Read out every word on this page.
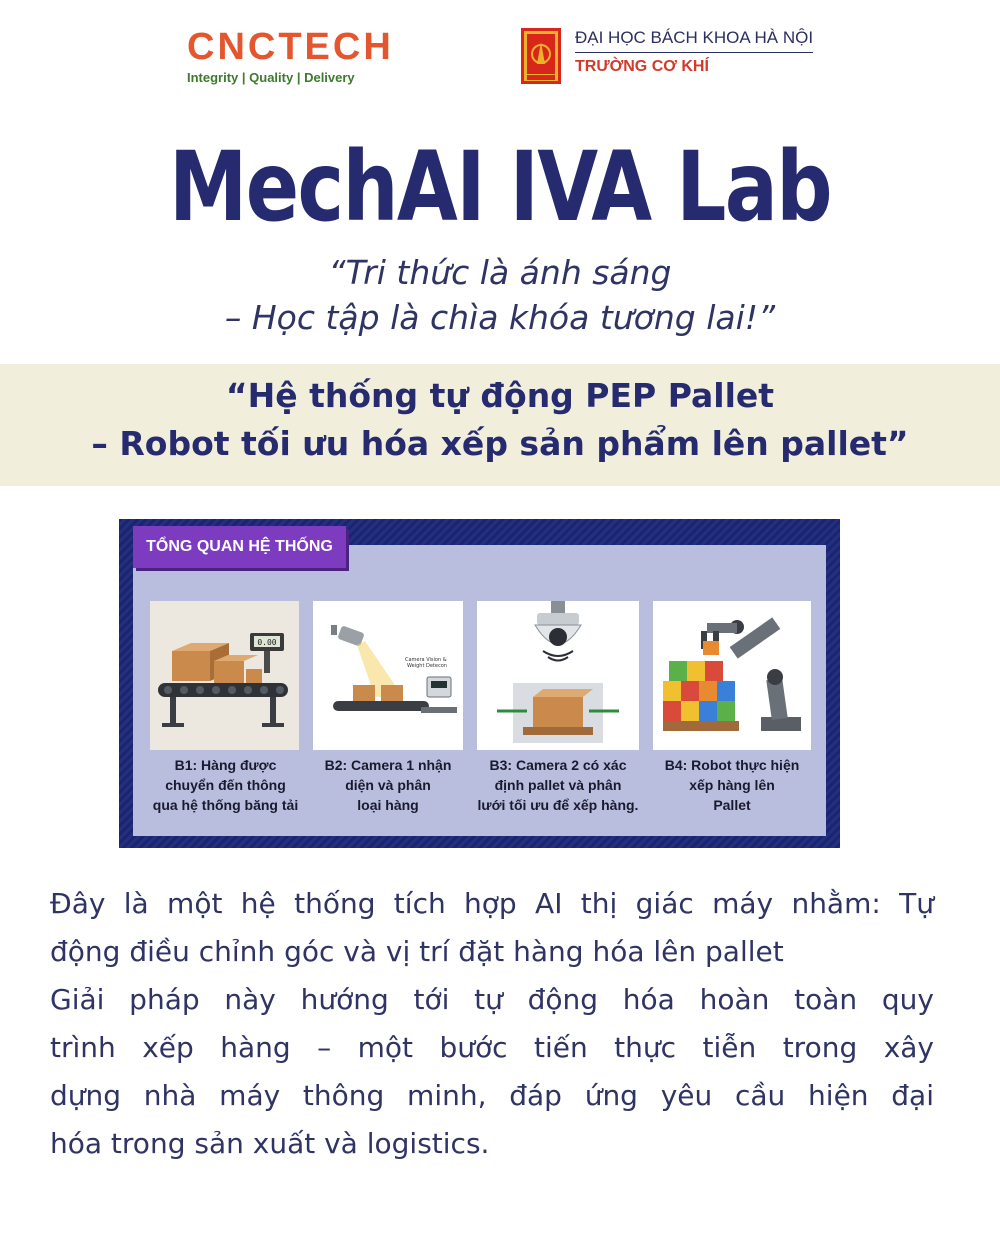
CNCTECH
Integrity | Quality | Delivery
ĐẠI HỌC BÁCH KHOA HÀ NỘI
TRƯỜNG CƠ KHÍ
MechAI IVA Lab
“Tri thức là ánh sáng
– Học tập là chìa khóa tương lai!”
“Hệ thống tự động PEP Pallet
– Robot tối ưu hóa xếp sản phẩm lên pallet”
TỔNG QUAN HỆ THỐNG
0.00
B1: Hàng được
chuyển đến thông
qua hệ thống băng tải
Camera Vision &
Weight Detecon
B2: Camera 1 nhận
diện và phân
loại hàng
B3: Camera 2 có xác
định pallet và phân
lưới tối ưu để xếp hàng.
B4: Robot thực hiện
xếp hàng lên
Pallet
Đây là một hệ thống tích hợp AI thị giác máy nhằm: Tự
động điều chỉnh góc và vị trí đặt hàng hóa lên pallet
Giải pháp này hướng tới tự động hóa hoàn toàn quy
trình xếp hàng – một bước tiến thực tiễn trong xây
dựng nhà máy thông minh, đáp ứng yêu cầu hiện đại
hóa trong sản xuất và logistics.
